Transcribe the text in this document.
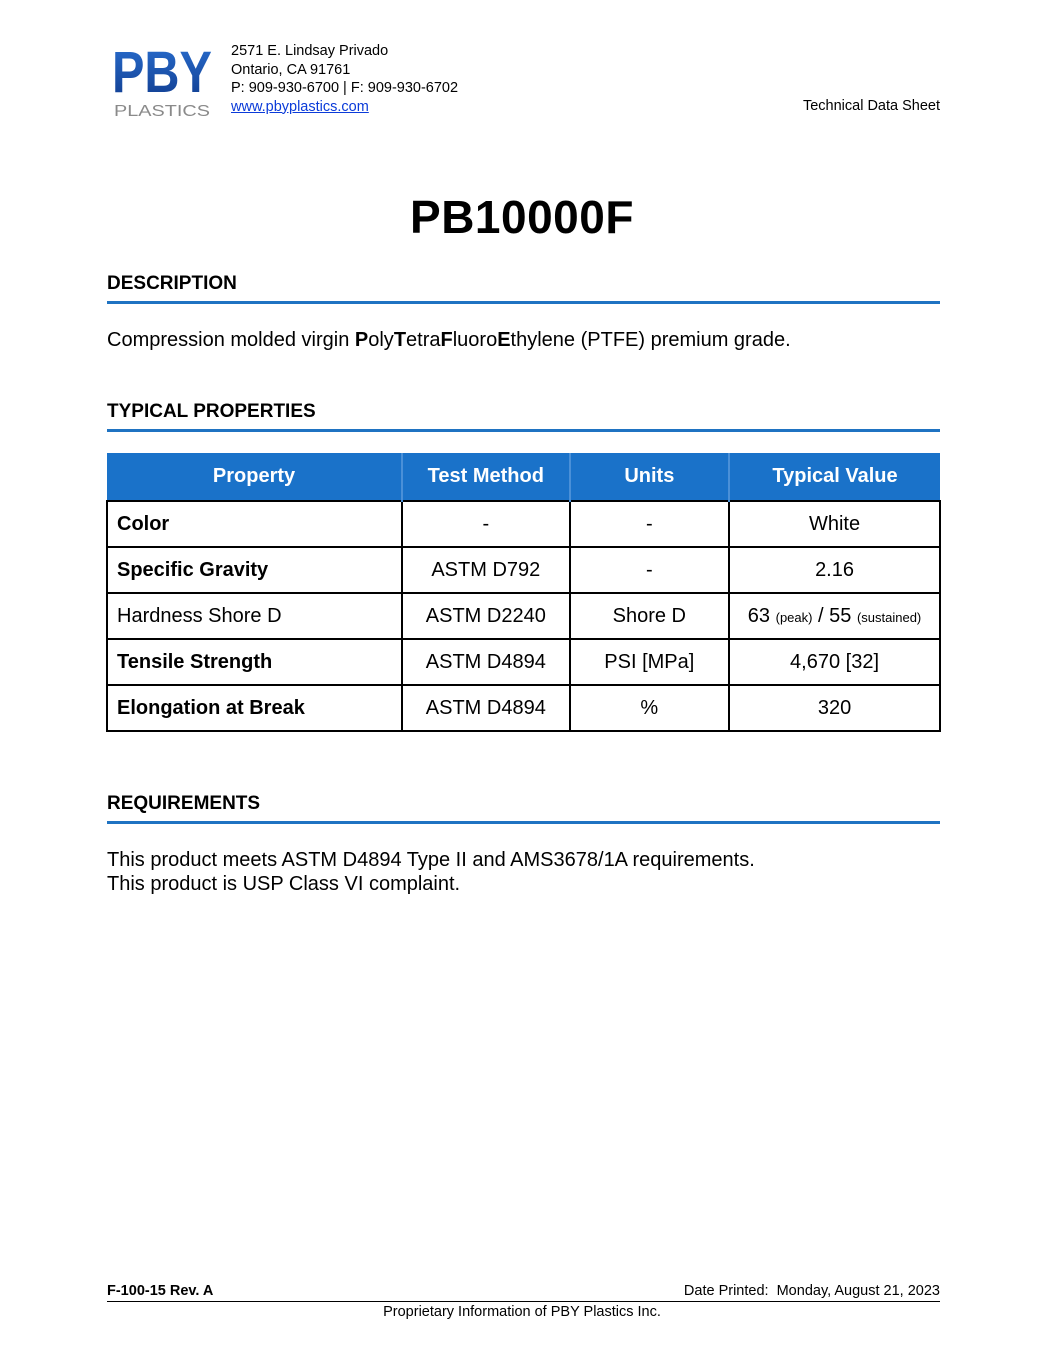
PBY
PLASTICS
2571 E. Lindsay Privado
Ontario, CA 91761
P: 909-930-6700 | F: 909-930-6702
www.pbyplastics.com	Technical Data Sheet
PB10000F
DESCRIPTION
Compression molded virgin PolyTetraFluoroEthylene (PTFE) premium grade.
TYPICAL PROPERTIES
Property	Test Method	Units	Typical Value
Color	-	-	White
Specific Gravity	ASTM D792	-	2.16
Hardness Shore D	ASTM D2240	Shore D	63 (peak) / 55 (sustained)
Tensile Strength	ASTM D4894	PSI [MPa]	4,670 [32]
Elongation at Break	ASTM D4894	%	320
REQUIREMENTS
This product meets ASTM D4894 Type II and AMS3678/1A requirements.
This product is USP Class VI complaint.
F-100-15 Rev. A	Date Printed:  Monday, August 21, 2023
Proprietary Information of PBY Plastics Inc.
